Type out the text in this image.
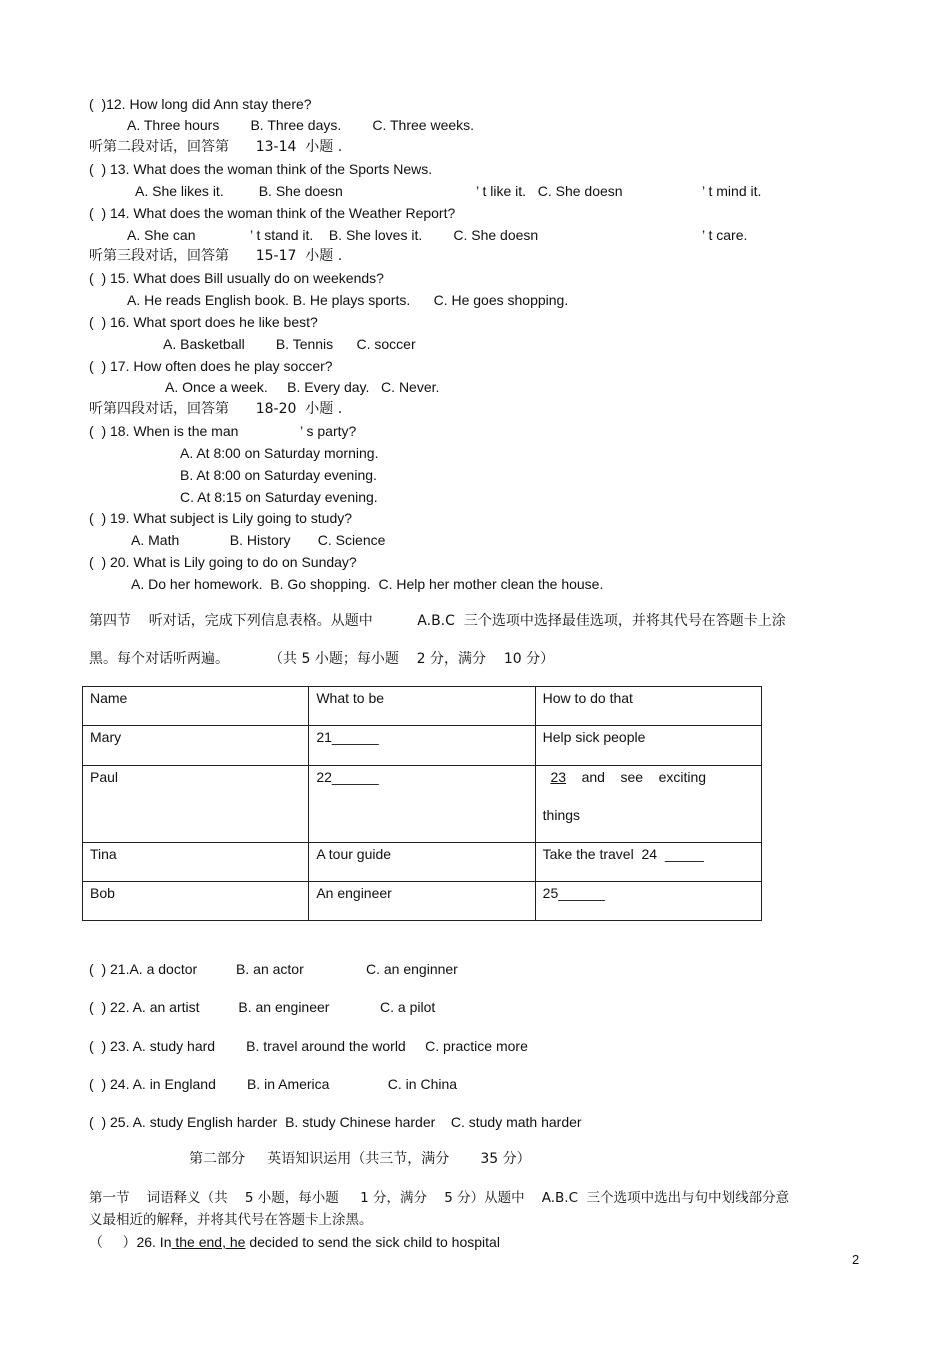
(  )12. How long did Ann stay there?
A. Three hours        B. Three days.        C. Three weeks.
听第二段对话，回答第      13-14  小题 .
(  ) 13. What does the woman think of the Sports News.
A. She likes it.         B. She doesn	’ t like it.   C. She doesn	’ t mind it.
(  ) 14. What does the woman think of the Weather Report?
A. She can	’ t stand it.    B. She loves it.        C. She doesn	’ t care.
听第三段对话，回答第      15-17  小题 .
(  ) 15. What does Bill usually do on weekends?
A. He reads English book. B. He plays sports.      C. He goes shopping.
(  ) 16. What sport does he like best?
A. Basketball        B. Tennis      C. soccer
(  ) 17. How often does he play soccer?
A. Once a week.     B. Every day.   C. Never.
听第四段对话，回答第      18-20  小题 .
(  ) 18. When is the man	’ s party?
A. At 8:00 on Saturday morning.
B. At 8:00 on Saturday evening.
C. At 8:15 on Saturday evening.
(  ) 19. What subject is Lily going to study?
A. Math             B. History       C. Science
(  ) 20. What is Lily going to do on Sunday?
A. Do her homework.  B. Go shopping.  C. Help her mother clean the house.
第四节    听对话，完成下列信息表格。从题中          A.B.C  三个选项中选择最佳选项，并将其代号在答题卡上涂
黑。每个对话听两遍。         （共 5 小题；每小题    2 分，满分    10 分）
Name	What to be	How to do that
Mary	21______	Help sick people
Paul	22______	23    and    see    exciting

things

Tina	A tour guide	Take the travel  24  _____
Bob	An engineer	25______
(  ) 21.A. a doctor          B. an actor                C. an enginner
(  ) 22. A. an artist          B. an engineer             C. a pilot
(  ) 23. A. study hard        B. travel around the world     C. practice more
(  ) 24. A. in England        B. in America               C. in China
(  ) 25. A. study English harder  B. study Chinese harder    C. study math harder
第二部分     英语知识运用（共三节，满分       35 分）
第一节    词语释义（共    5 小题，每小题     1 分，满分    5 分）从题中    A.B.C  三个选项中选出与句中划线部分意
义最相近的解释，并将其代号在答题卡上涂黑。
（     ）26. In the end, he decided to send the sick child to hospital
2
